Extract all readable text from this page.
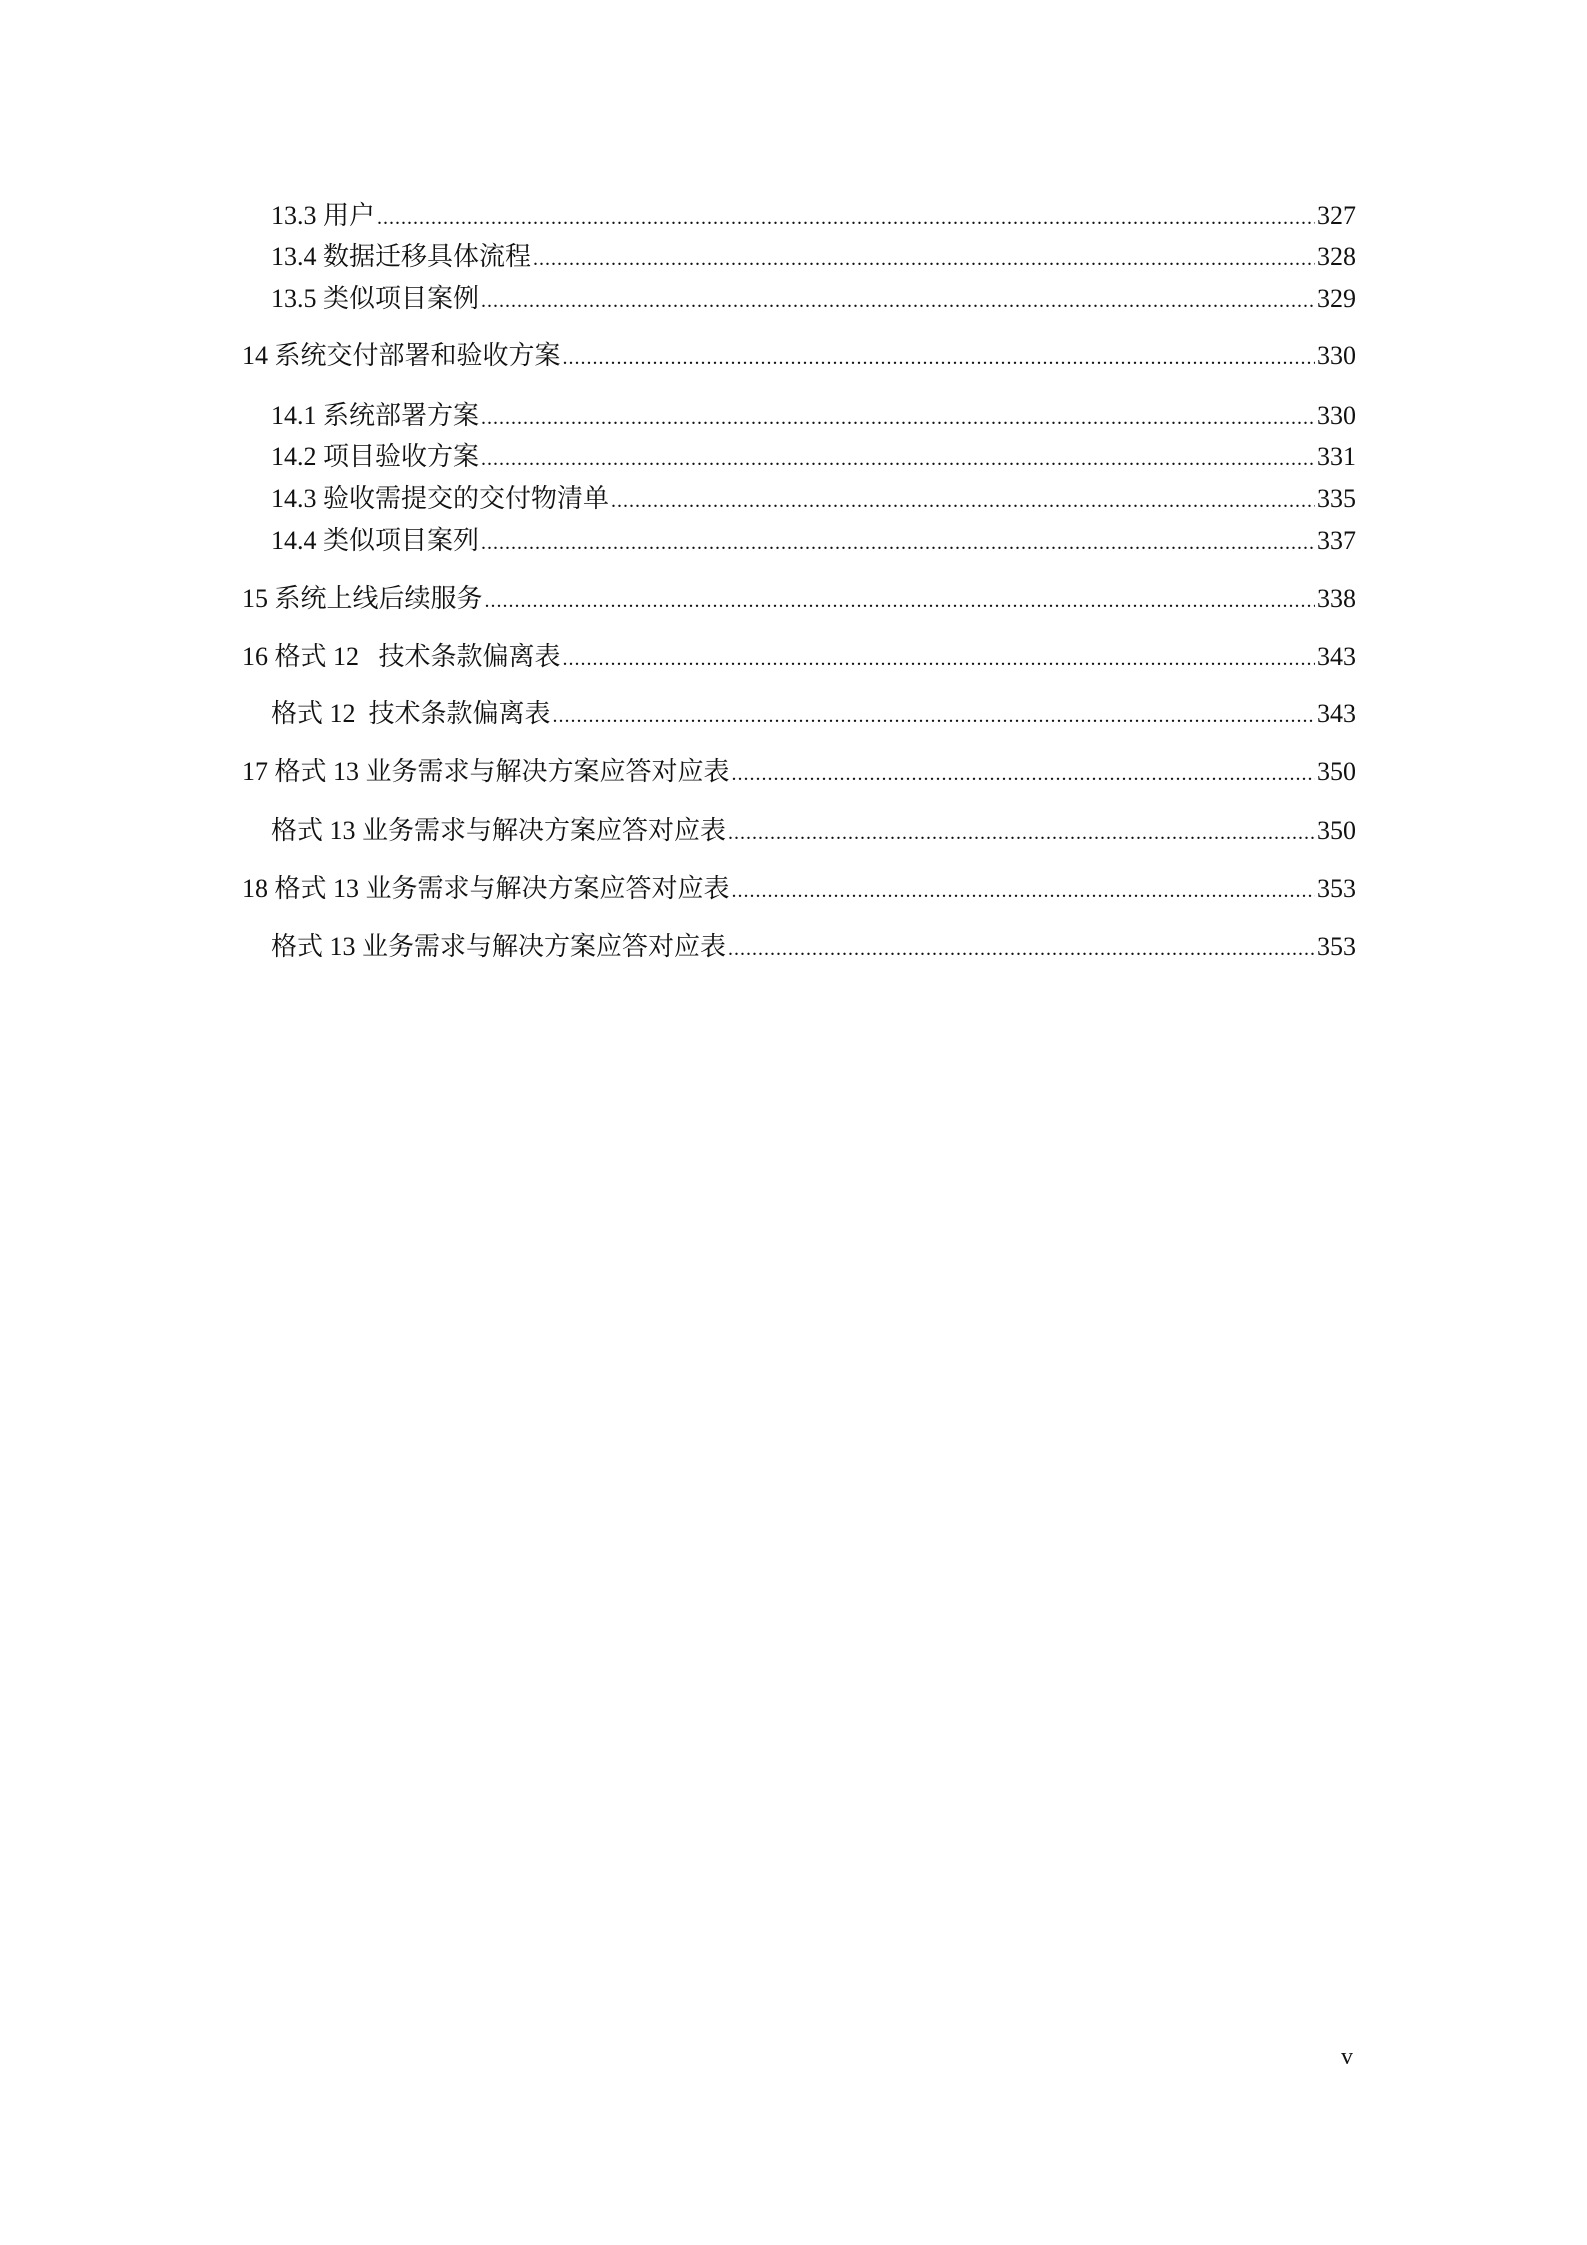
13.3 用户 .....	327
13.4 数据迁移具体流程 .....	328
13.5 类似项目案例 .....	329
14 系统交付部署和验收方案 .....	330
14.1 系统部署方案 .....	330
14.2 项目验收方案 .....	331
14.3 验收需提交的交付物清单 .....	335
14.4 类似项目案列 .....	337
15 系统上线后续服务 .....	338
16 格式 12   技术条款偏离表 .....	343
格式 12  技术条款偏离表 .....	343
17 格式 13 业务需求与解决方案应答对应表 .....	350
格式 13 业务需求与解决方案应答对应表 .....	350
18 格式 13 业务需求与解决方案应答对应表 .....	353
格式 13 业务需求与解决方案应答对应表 .....	353
v
